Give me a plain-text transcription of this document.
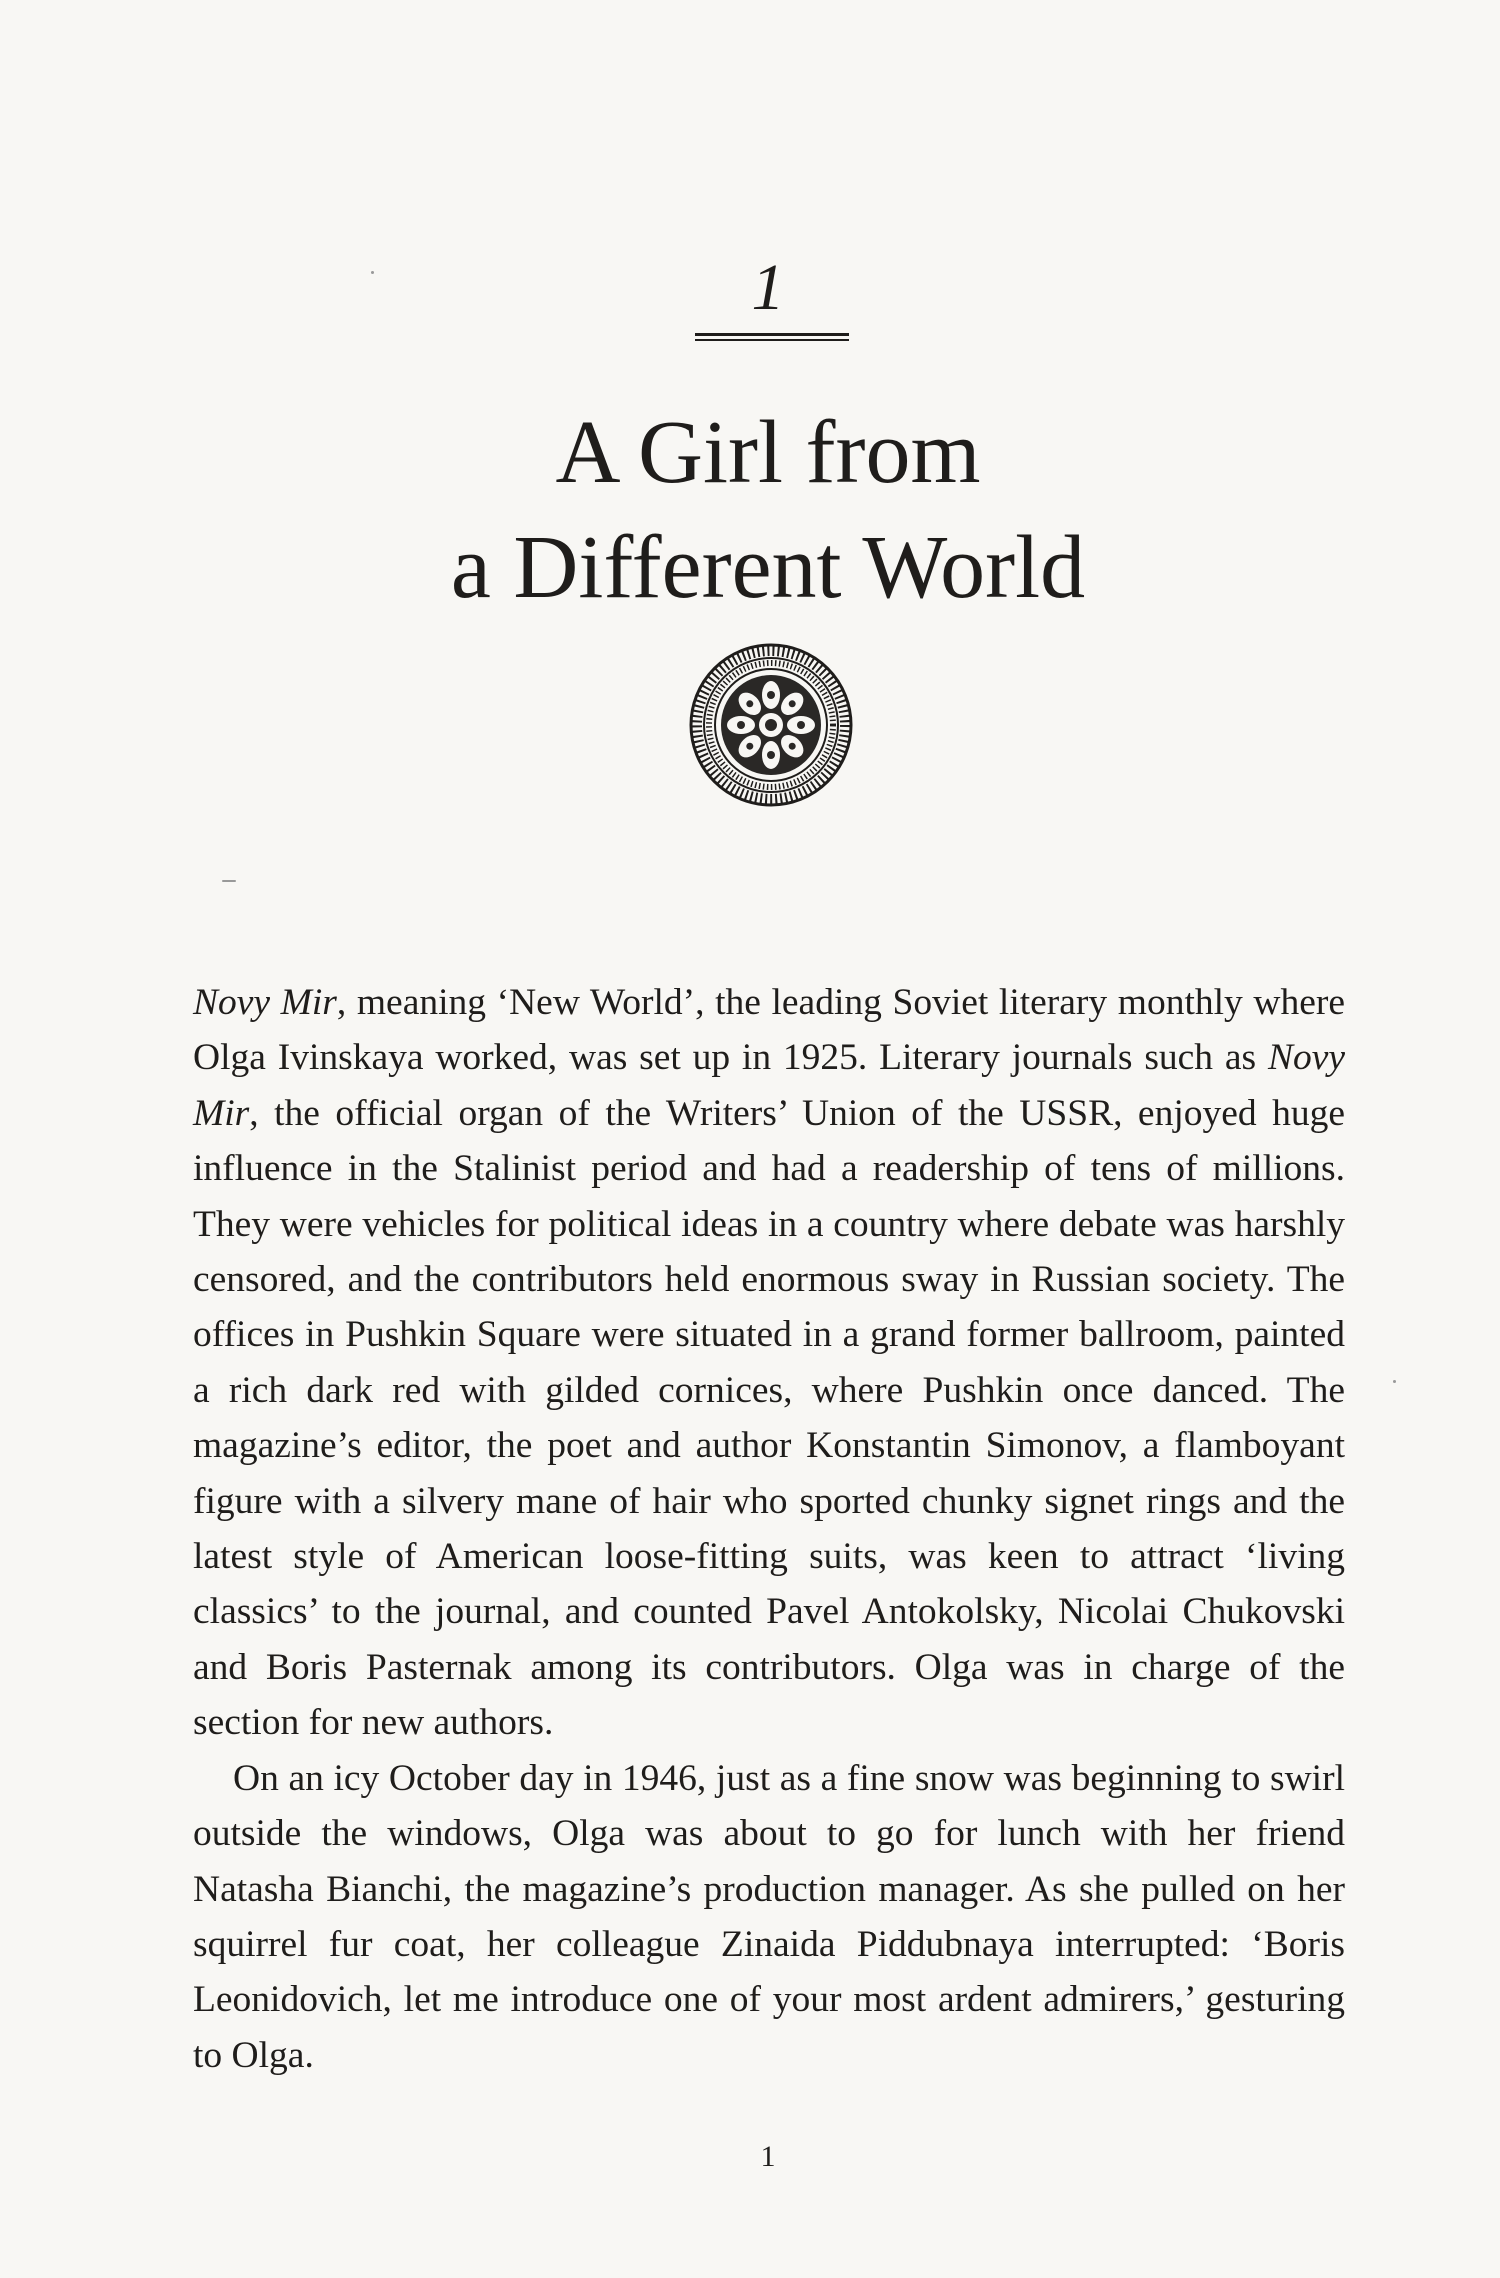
1
A Girl from
a Different World

Novy Mir, meaning ‘New World’, the leading Soviet literary monthly where Olga Ivinskaya worked, was set up in 1925. Literary journals such as Novy Mir, the official organ of the Writers’ Union of the USSR, enjoyed huge influence in the Stalinist period and had a readership of tens of millions. They were vehicles for political ideas in a country where debate was harshly censored, and the contributors held enormous sway in Russian society. The offices in Pushkin Square were situated in a grand former ballroom, painted a rich dark red with gilded cornices, where Pushkin once danced. The magazine’s editor, the poet and author Konstantin Simonov, a flamboyant figure with a silvery mane of hair who sported chunky signet rings and the latest style of American loose-fitting suits, was keen to attract ‘living classics’ to the journal, and counted Pavel Antokolsky, Nicolai Chukovski and Boris Pasternak among its contributors. Olga was in charge of the section for new authors.

On an icy October day in 1946, just as a fine snow was beginning to swirl outside the windows, Olga was about to go for lunch with her friend Natasha Bianchi, the magazine’s production manager. As she pulled on her squirrel fur coat, her colleague Zinaida Piddubnaya interrupted: ‘Boris Leonidovich, let me introduce one of your most ardent admirers,’ gesturing to Olga.

1
